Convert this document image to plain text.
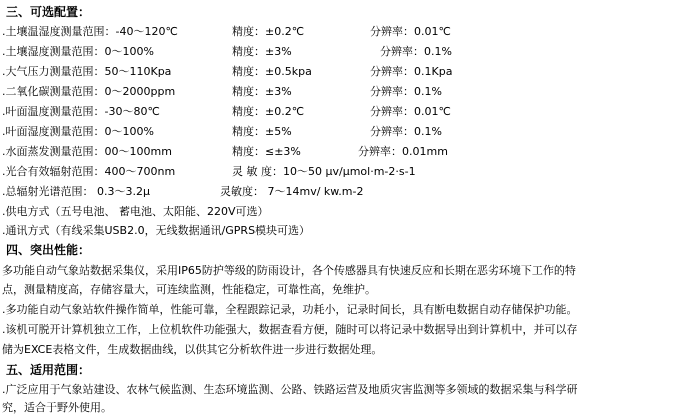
三、可选配置：
.土壤温湿度测量范围：-40～120℃	精度：±0.2℃	分辨率：0.01℃
.土壤湿度测量范围：0～100%	精度：±3%	分辨率：0.1%
.大气压力测量范围：50～110Kpa	精度：±0.5kpa	分辨率：0.1Kpa
.二氧化碳测量范围：0～2000ppm	精度：±3%	分辨率：0.1%
.叶面温度测量范围：-30～80℃	精度：±0.2℃	分辨率：0.01℃
.叶面湿度测量范围：0～100%	精度：±5%	分辨率：0.1%
.水面蒸发测量范围：00～100mm	精度：≤±3%	分辨率：0.01mm
.光合有效辐射范围：400～700nm	灵 敏 度：10～50 μv/μmol·m-2·s-1
.总辐射光谱范围： 0.3～3.2μ	灵敏度： 7～14mv/ kw.m-2
.供电方式（五号电池、 蓄电池、太阳能、220V可选）
.通讯方式（有线采集USB2.0，无线数据通讯/GPRS模块可选）
四、突出性能：
多功能自动气象站数据采集仪，采用IP65防护等级的防雨设计，各个传感器具有快速反应和长期在恶劣环境下工作的特
点，测量精度高，存储容量大，可连续监测，性能稳定，可靠性高，免维护。
.多功能自动气象站软件操作简单，性能可靠，全程跟踪记录，功耗小，记录时间长，具有断电数据自动存储保护功能。
.该机可脱开计算机独立工作，上位机软件功能强大，数据查看方便，随时可以将记录中数据导出到计算机中，并可以存
储为EXCE表格文件，生成数据曲线，以供其它分析软件进一步进行数据处理。
五、适用范围：
.广泛应用于气象站建设、农林气候监测、生态环境监测、公路、铁路运营及地质灾害监测等多领域的数据采集与科学研
究，适合于野外使用。
